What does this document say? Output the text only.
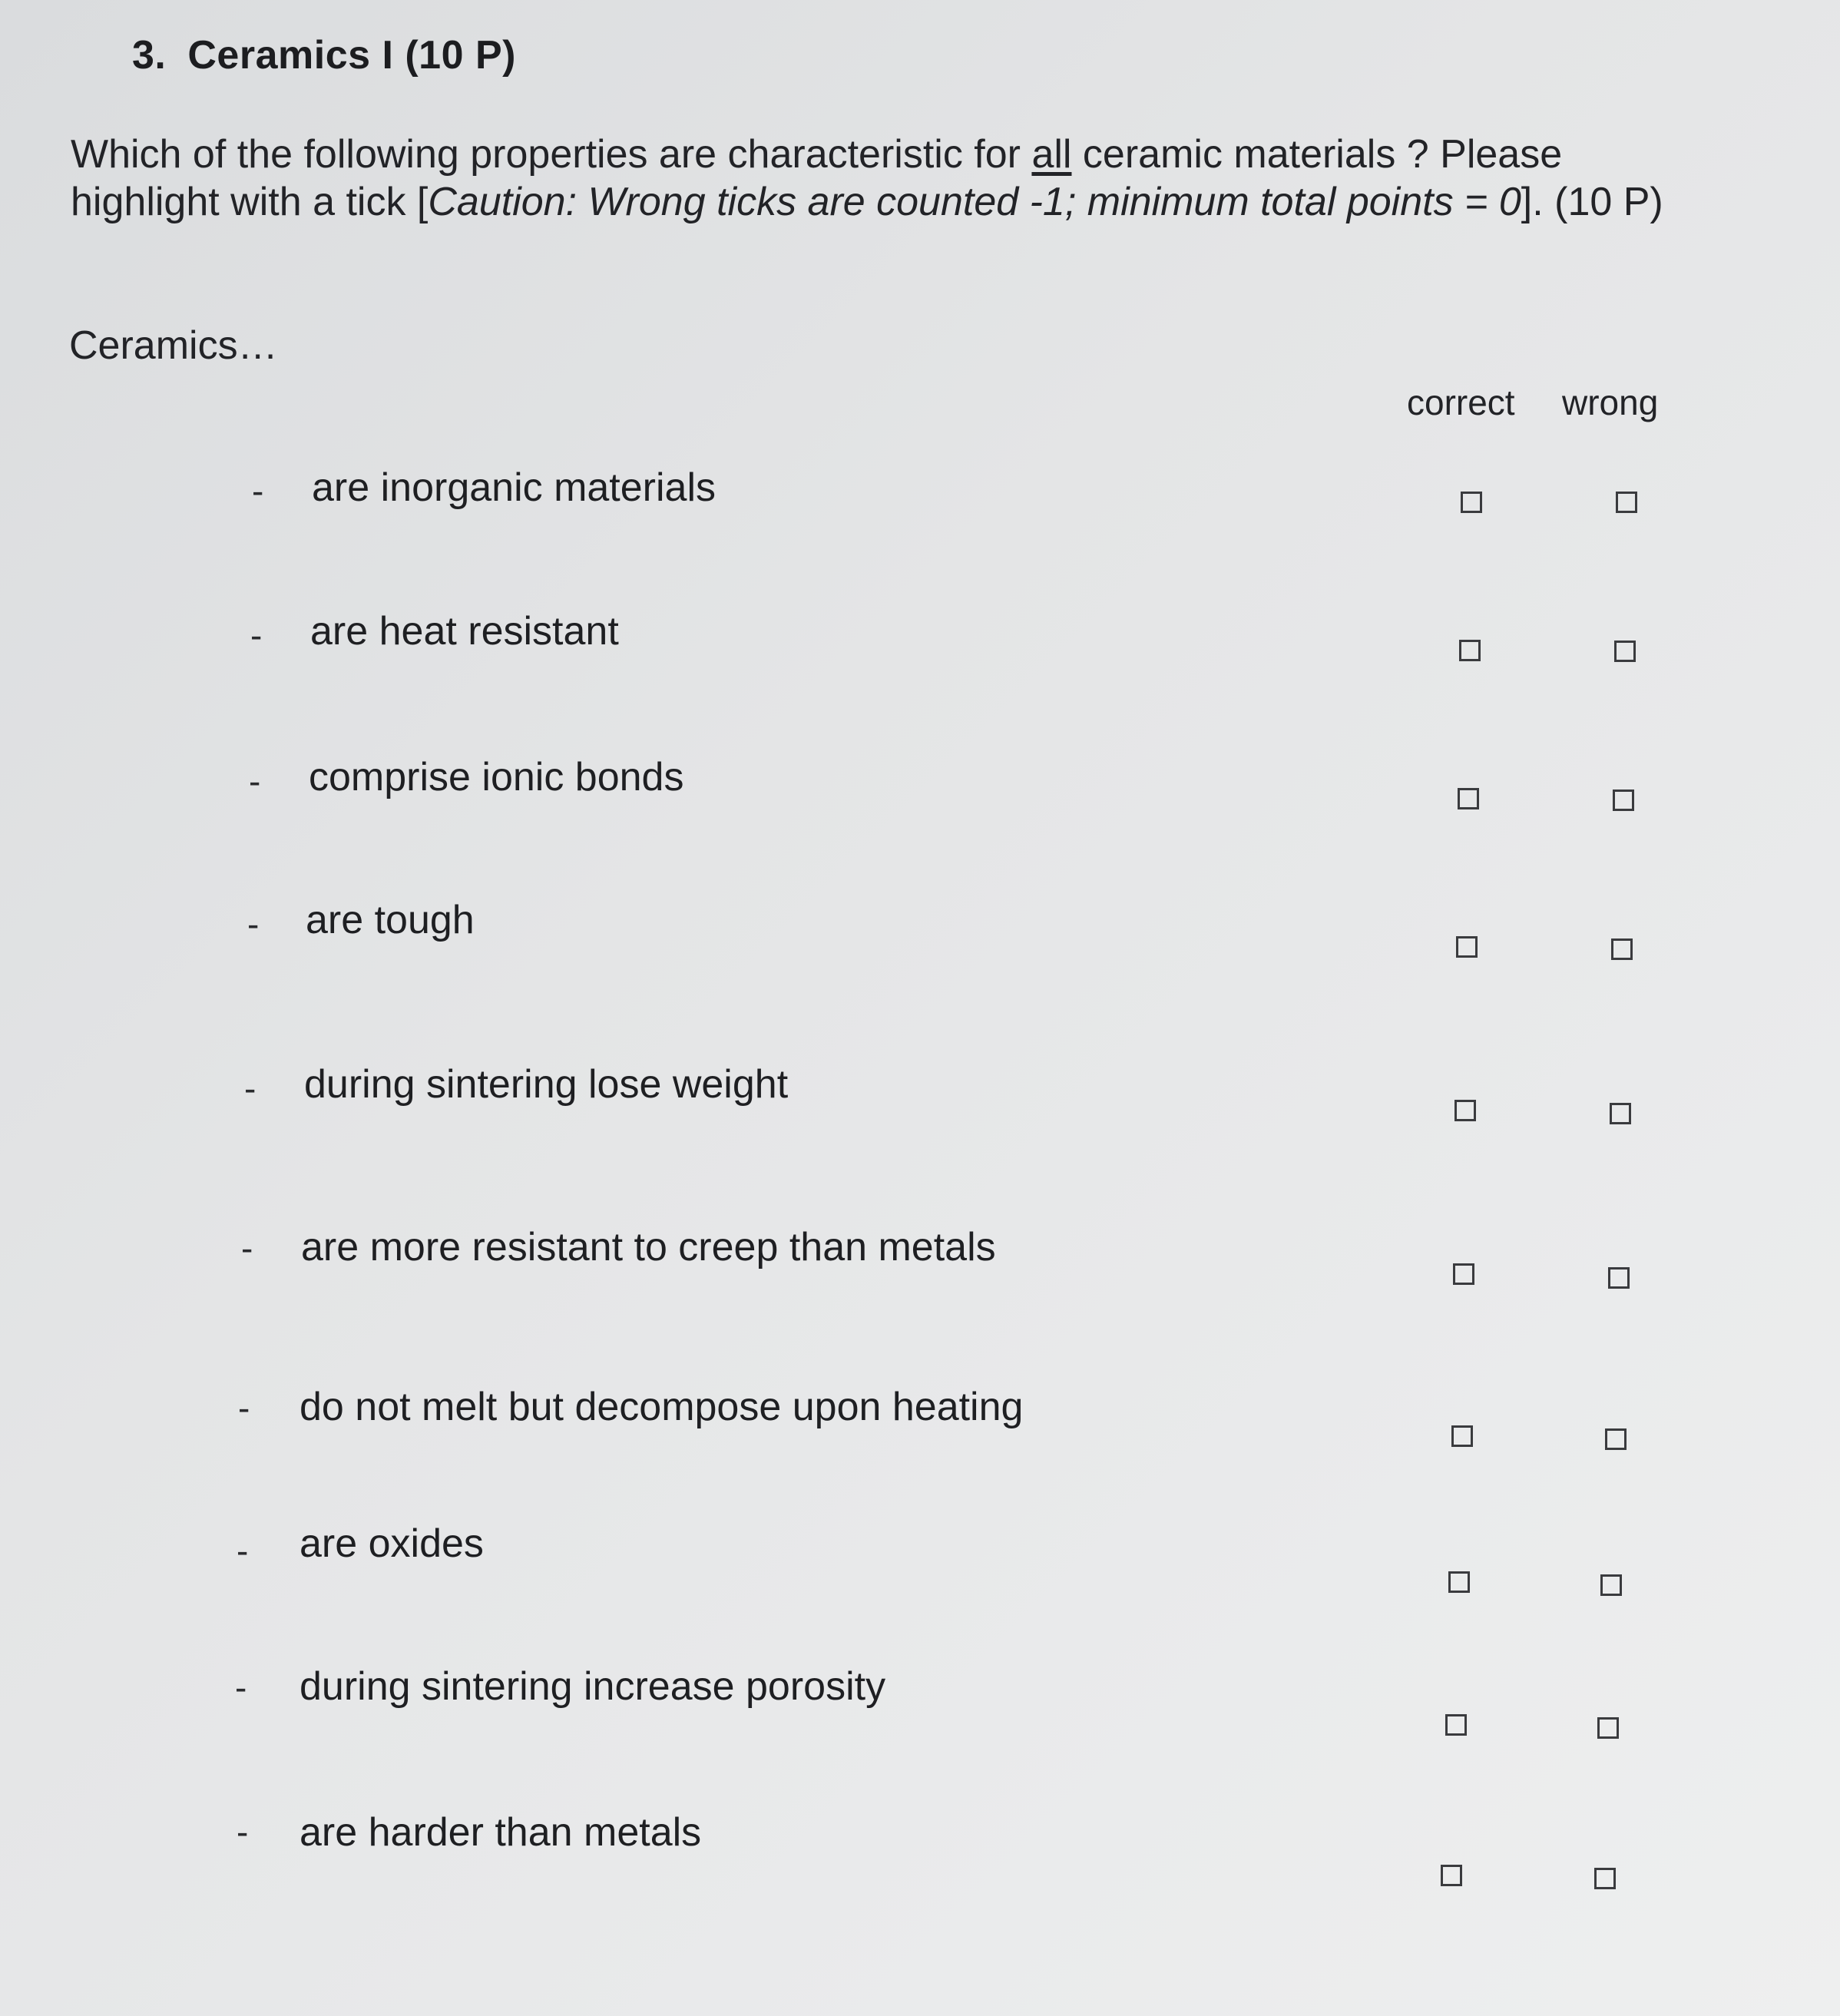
3. Ceramics I (10 P)
Which of the following properties are characteristic for all ceramic materials ? Please highlight with a tick [Caution: Wrong ticks are counted -1; minimum total points = 0]. (10 P)
Ceramics…
correct wrong
- are inorganic materials
- are heat resistant
- comprise ionic bonds
- are tough
- during sintering lose weight
- are more resistant to creep than metals
- do not melt but decompose upon heating
- are oxides
- during sintering increase porosity
- are harder than metals
